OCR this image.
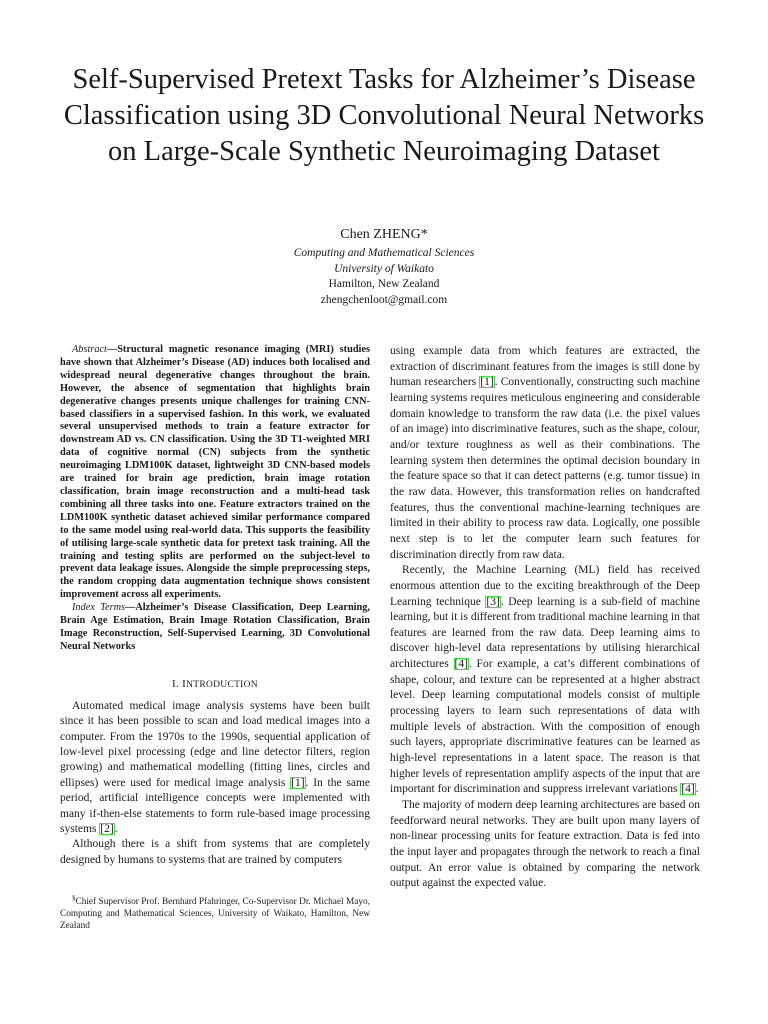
Self-Supervised Pretext Tasks for Alzheimer’s Disease Classification using 3D Convolutional Neural Networks on Large-Scale Synthetic Neuroimaging Dataset
Chen ZHENG*
Computing and Mathematical Sciences
University of Waikato
Hamilton, New Zealand
zhengchenloot@gmail.com

Abstract—Structural magnetic resonance imaging (MRI) studies have shown that Alzheimer’s Disease (AD) induces both localised and widespread neural degenerative changes throughout the brain. However, the absence of segmentation that highlights brain degenerative changes presents unique challenges for training CNN-based classifiers in a supervised fashion. In this work, we evaluated several unsupervised methods to train a feature extractor for downstream AD vs. CN classification. Using the 3D T1-weighted MRI data of cognitive normal (CN) subjects from the synthetic neuroimaging LDM100K dataset, lightweight 3D CNN-based models are trained for brain age prediction, brain image rotation classification, brain image reconstruction and a multi-head task combining all three tasks into one. Feature extractors trained on the LDM100K synthetic dataset achieved similar performance compared to the same model using real-world data. This supports the feasibility of utilising large-scale synthetic data for pretext task training. All the training and testing splits are performed on the subject-level to prevent data leakage issues. Alongside the simple preprocessing steps, the random cropping data augmentation technique shows consistent improvement across all experiments.

Index Terms—Alzheimer’s Disease Classification, Deep Learning, Brain Age Estimation, Brain Image Rotation Classification, Brain Image Reconstruction, Self-Supervised Learning, 3D Convolutional Neural Networks

I. INTRODUCTION

Automated medical image analysis systems have been built since it has been possible to scan and load medical images into a computer. From the 1970s to the 1990s, sequential application of low-level pixel processing (edge and line detector filters, region growing) and mathematical modelling (fitting lines, circles and ellipses) were used for medical image analysis [1]. In the same period, artificial intelligence concepts were implemented with many if-then-else statements to form rule-based image processing systems [2].

Although there is a shift from systems that are completely designed by humans to systems that are trained by computers

using example data from which features are extracted, the extraction of discriminant features from the images is still done by human researchers [1]. Conventionally, constructing such machine learning systems requires meticulous engineering and considerable domain knowledge to transform the raw data (i.e. the pixel values of an image) into discriminative features, such as the shape, colour, and/or texture roughness as well as their combinations. The learning system then determines the optimal decision boundary in the feature space so that it can detect patterns (e.g. tumor tissue) in the raw data. However, this transformation relies on handcrafted features, thus the conventional machine-learning techniques are limited in their ability to process raw data. Logically, one possible next step is to let the computer learn such features for discrimination directly from raw data.

Recently, the Machine Learning (ML) field has received enormous attention due to the exciting breakthrough of the Deep Learning technique [3]. Deep learning is a sub-field of machine learning, but it is different from traditional machine learning in that features are learned from the raw data. Deep learning aims to discover high-level data representations by utilising hierarchical architectures [4]. For example, a cat’s different combinations of shape, colour, and texture can be represented at a higher abstract level. Deep learning computational models consist of multiple processing layers to learn such representations of data with multiple levels of abstraction. With the composition of enough such layers, appropriate discriminative features can be learned as high-level representations in a latent space. The reason is that higher levels of representation amplify aspects of the input that are important for discrimination and suppress irrelevant variations [4].

The majority of modern deep learning architectures are based on feedforward neural networks. They are built upon many layers of non-linear processing units for feature extraction. Data is fed into the input layer and propagates through the network to reach a final output. An error value is obtained by comparing the network output against the expected value.

§Chief Supervisor Prof. Bernhard Pfahringer, Co-Supervisor Dr. Michael Mayo, Computing and Mathematical Sciences, University of Waikato, Hamilton, New Zealand
